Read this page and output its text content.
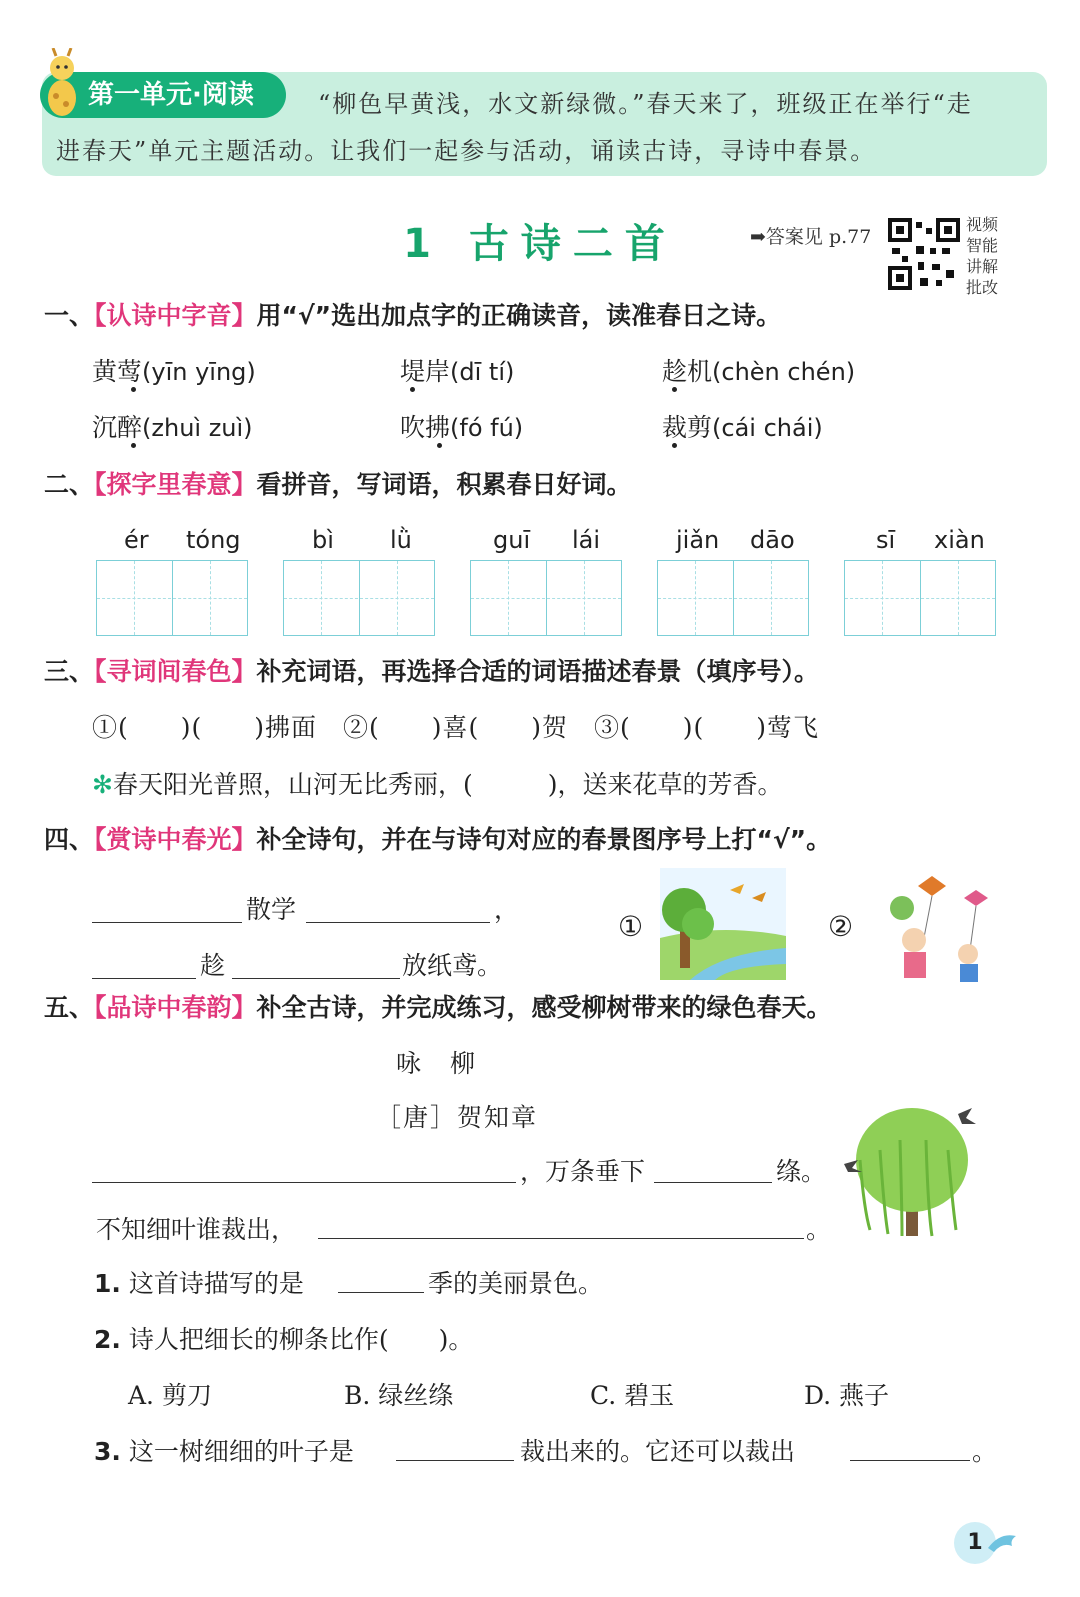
第一单元·阅读	“柳色早黄浅，水文新绿微。”春天来了，班级正在举行“走
进春天”单元主题活动。让我们一起参与活动，诵读古诗，寻诗中春景。
1 古诗二首	➡答案见 p.77
视频智能讲解批改
一、【认诗中字音】用“√”选出加点字的正确读音，读准春日之诗。
黄莺(yīn yīng)	堤岸(dī tí)	趁机(chèn chén)
沉醉(zhuì zuì)	吹拂(fó fú)	裁剪(cái chái)
二、【探字里春意】看拼音，写词语，积累春日好词。
ér tóng	bì lǜ	guī lái	jiǎn dāo	sī xiàn
三、【寻词间春色】补充词语，再选择合适的词语描述春景（填序号）。
①(　　)(　　)拂面　②(　　)喜(　　)贺　③(　　)(　　)莺飞
✻春天阳光普照，山河无比秀丽，(　　　)，送来花草的芳香。
四、【赏诗中春光】补全诗句，并在与诗句对应的春景图序号上打“√”。
散学	，
趁	放纸鸢。
①	②
五、【品诗中春韵】补全古诗，并完成练习，感受柳树带来的绿色春天。
咏　柳
［唐］贺知章
，万条垂下	绦。
不知细叶谁裁出，	。
1. 这首诗描写的是	季的美丽景色。
2. 诗人把细长的柳条比作(　　)。
A. 剪刀	B. 绿丝绦	C. 碧玉	D. 燕子
3. 这一树细细的叶子是	裁出来的。它还可以裁出	。
1
